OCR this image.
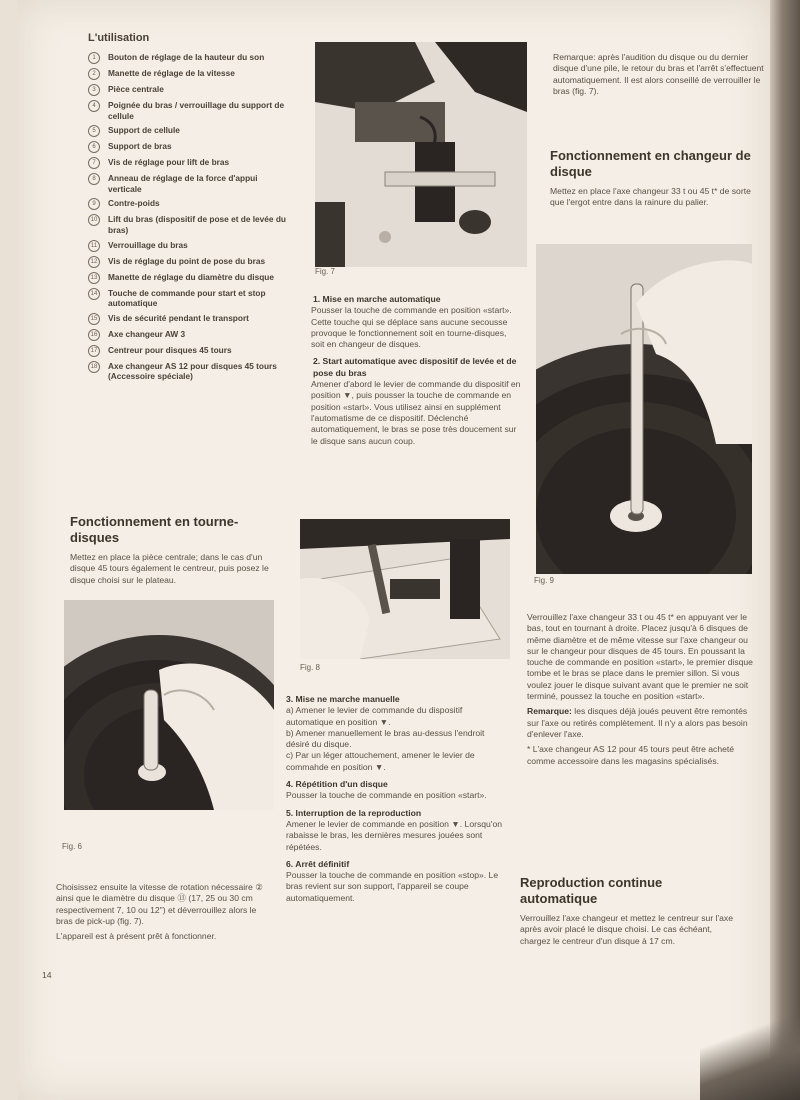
L'utilisation
1	Bouton de réglage de la hauteur du son
2	Manette de réglage de la vitesse
3	Pièce centrale
4	Poignée du bras / verrouillage du support de cellule
5	Support de cellule
6	Support de bras
7	Vis de réglage pour lift de bras
8	Anneau de réglage de la force d'appui verticale
9	Contre-poids
10	Lift du bras (dispositif de pose et de levée du bras)
11	Verrouillage du bras
12	Vis de réglage du point de pose du bras
13	Manette de réglage du diamètre du disque
14	Touche de commande pour start et stop automatique
15	Vis de sécurité pendant le transport
16	Axe changeur AW 3
17	Centreur pour disques 45 tours
18	Axe changeur AS 12 pour disques 45 tours (Accessoire spéciale)
Fonctionnement en tourne-disques

Mettez en place la pièce centrale; dans le cas d'un disque 45 tours également le centreur, puis posez le disque choisi sur le plateau.

Fig. 6

Choisissez ensuite la vitesse de rotation nécessaire ② ainsi que le diamètre du disque ⑬ (17, 25 ou 30 cm respectivement 7, 10 ou 12") et déverrouillez alors le bras de pick-up (fig. 7).

L'appareil est à présent prêt à fonctionner.

14
Fig. 7
1. Mise en marche automatique

Pousser la touche de commande en position «start». Cette touche qui se déplace sans aucune secousse provoque le fonctionnement soit en tourne-disques, soit en changeur de disques.

2. Start automatique avec dispositif de levée et de pose du bras

Amener d'abord le levier de commande du dispositif en position ▼, puis pousser la touche de commande en position «start». Vous utilisez ainsi en supplément l'automatisme de ce dispositif. Déclenché automatiquement, le bras se pose très doucement sur le disque sans aucun coup.

Fig. 8
3. Mise ne marche manuelle
a) Amener le levier de commande du dispositif automatique en position ▼.
b) Amener manuellement le bras au-dessus l'endroit désiré du disque.
c) Par un léger attouchement, amener le levier de commahde en position ▼.
4. Répétition d'un disque
Pousser la touche de commande en position «start».
5. Interruption de la reproduction
Amener le levier de commande en position ▼. Lorsqu'on rabaisse le bras, les dernières mesures jouées sont répétées.
6. Arrêt définitif
Pousser la touche de commande en position «stop». Le bras revient sur son support, l'appareil se coupe automatiquement.

Remarque: après l'audition du disque ou du dernier disque d'une pile, le retour du bras et l'arrêt s'effectuent automatiquement. Il est alors conseillé de verrouiller le bras (fig. 7).

Fonctionnement en changeur de disque

Mettez en place l'axe changeur 33 t ou 45 t* de sorte que l'ergot entre dans la rainure du palier.

Fig. 9

Verrouillez l'axe changeur 33 t ou 45 t* en appuyant ver le bas, tout en tournant à droite. Placez jusqu'à 6 disques de même diamètre et de même vitesse sur l'axe changeur ou sur le changeur pour disques de 45 tours. En poussant la touche de commande en position «start», le premier disque tombe et le bras se place dans le premier sillon. Si vous voulez jouer le disque suivant avant que le premier ne soit terminé, poussez la touche en position «start».

Remarque: les disques déjà joués peuvent être remontés sur l'axe ou retirés complètement. Il n'y a alors pas besoin d'enlever l'axe.

* L'axe changeur AS 12 pour 45 tours peut être acheté comme accessoire dans les magasins spécialisés.

Reproduction continue automatique

Verrouillez l'axe changeur et mettez le centreur sur l'axe après avoir placé le disque choisi. Le cas échéant, chargez le centreur d'un disque à 17 cm.
